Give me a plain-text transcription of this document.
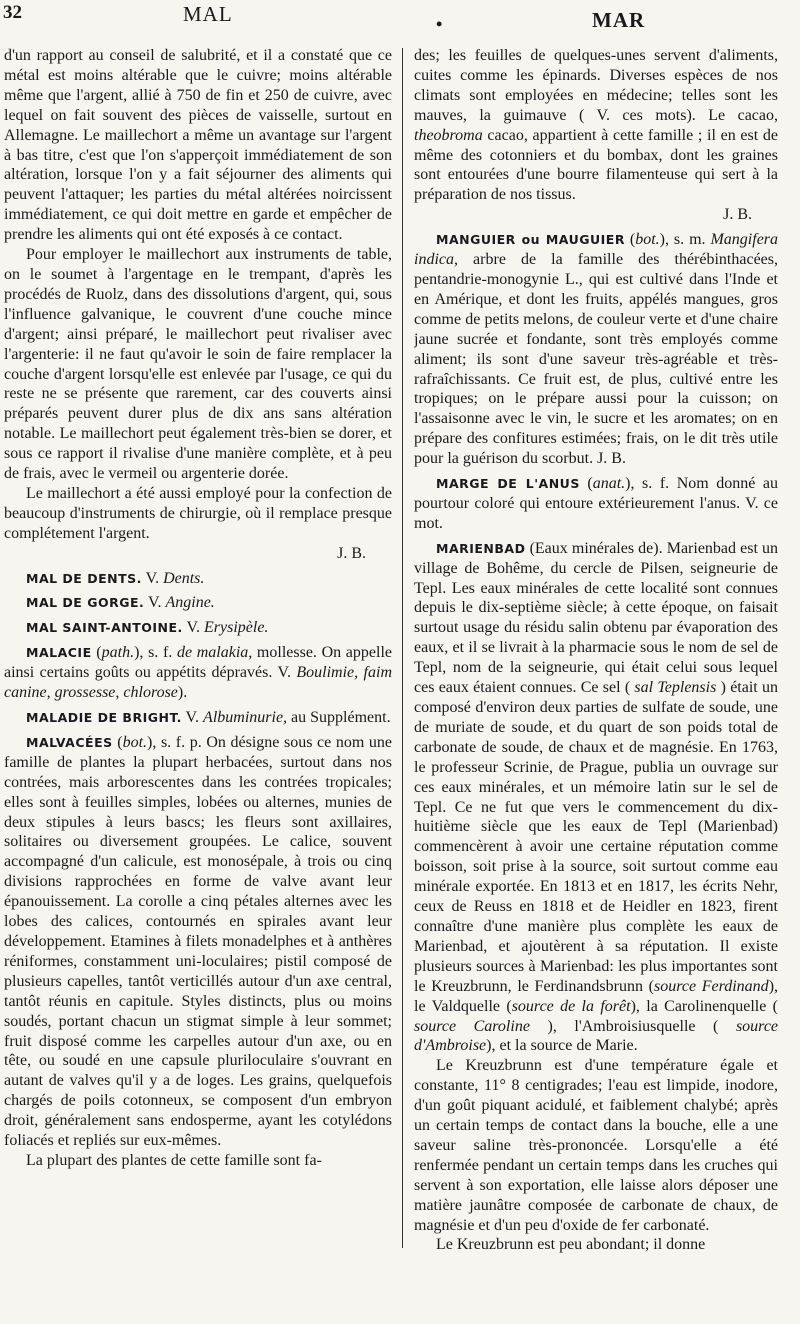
32	MAL	•	MAR

d'un rapport au conseil de salubrité, et il a constaté que ce métal est moins altérable que le cuivre; moins altérable même que l'argent, allié à 750 de fin et 250 de cuivre, avec lequel on fait souvent des pièces de vaisselle, surtout en Allemagne. Le maillechort a même un avantage sur l'argent à bas titre, c'est que l'on s'apperçoit immédiatement de son altération, lorsque l'on y a fait séjourner des aliments qui peuvent l'attaquer; les parties du métal altérées noircissent immédiatement, ce qui doit mettre en garde et empêcher de prendre les aliments qui ont été exposés à ce contact.

Pour employer le maillechort aux instruments de table, on le soumet à l'argentage en le trempant, d'après les procédés de Ruolz, dans des dissolutions d'argent, qui, sous l'influence galvanique, le couvrent d'une couche mince d'argent; ainsi préparé, le maillechort peut rivaliser avec l'argenterie: il ne faut qu'avoir le soin de faire remplacer la couche d'argent lorsqu'elle est enlevée par l'usage, ce qui du reste ne se présente que rarement, car des couverts ainsi préparés peuvent durer plus de dix ans sans altération notable. Le maillechort peut également très-bien se dorer, et sous ce rapport il rivalise d'une manière complète, et à peu de frais, avec le vermeil ou argenterie dorée.

Le maillechort a été aussi employé pour la confection de beaucoup d'instruments de chirurgie, où il remplace presque complétement l'argent.

J. B.

MAL DE DENTS. V. Dents.

MAL DE GORGE. V. Angine.

MAL SAINT-ANTOINE. V. Erysipèle.

MALACIE (path.), s. f. de malakia, mollesse. On appelle ainsi certains goûts ou appétits dépravés. V. Boulimie, faim canine, grossesse, chlorose).

MALADIE DE BRIGHT. V. Albuminurie, au Supplément.

MALVACÉES (bot.), s. f. p. On désigne sous ce nom une famille de plantes la plupart herbacées, surtout dans nos contrées, mais arborescentes dans les contrées tropicales; elles sont à feuilles simples, lobées ou alternes, munies de deux stipules à leurs bascs; les fleurs sont axillaires, solitaires ou diversement groupées. Le calice, souvent accompagné d'un calicule, est monosépale, à trois ou cinq divisions rapprochées en forme de valve avant leur épanouissement. La corolle a cinq pétales alternes avec les lobes des calices, contournés en spirales avant leur développement. Etamines à filets monadelphes et à anthères réniformes, constamment uni-loculaires; pistil composé de plusieurs capelles, tantôt verticillés autour d'un axe central, tantôt réunis en capitule. Styles distincts, plus ou moins soudés, portant chacun un stigmat simple à leur sommet; fruit disposé comme les carpelles autour d'un axe, ou en tête, ou soudé en une capsule pluriloculaire s'ouvrant en autant de valves qu'il y a de loges. Les grains, quelquefois chargés de poils cotonneux, se composent d'un embryon droit, généralement sans endosperme, ayant les cotylédons foliacés et repliés sur eux-mêmes.

La plupart des plantes de cette famille sont fa-

des; les feuilles de quelques-unes servent d'aliments, cuites comme les épinards. Diverses espèces de nos climats sont employées en médecine; telles sont les mauves, la guimauve ( V. ces mots). Le cacao, theobroma cacao, appartient à cette famille ; il en est de même des cotonniers et du bombax, dont les graines sont entourées d'une bourre filamenteuse qui sert à la préparation de nos tissus.

J. B.

MANGUIER ou MAUGUIER (bot.), s. m. Mangifera indica, arbre de la famille des thérébinthacées, pentandrie-monogynie L., qui est cultivé dans l'Inde et en Amérique, et dont les fruits, appélés mangues, gros comme de petits melons, de couleur verte et d'une chaire jaune sucrée et fondante, sont très employés comme aliment; ils sont d'une saveur très-agréable et très-rafraîchissants. Ce fruit est, de plus, cultivé entre les tropiques; on le prépare aussi pour la cuisson; on l'assaisonne avec le vin, le sucre et les aromates; on en prépare des confitures estimées; frais, on le dit très utile pour la guérison du scorbut. J. B.

MARGE DE L'ANUS (anat.), s. f. Nom donné au pourtour coloré qui entoure extérieurement l'anus. V. ce mot.

MARIENBAD (Eaux minérales de). Marienbad est un village de Bohême, du cercle de Pilsen, seigneurie de Tepl. Les eaux minérales de cette localité sont connues depuis le dix-septième siècle; à cette époque, on faisait surtout usage du résidu salin obtenu par évaporation des eaux, et il se livrait à la pharmacie sous le nom de sel de Tepl, nom de la seigneurie, qui était celui sous lequel ces eaux étaient connues. Ce sel ( sal Teplensis ) était un composé d'environ deux parties de sulfate de soude, une de muriate de soude, et du quart de son poids total de carbonate de soude, de chaux et de magnésie. En 1763, le professeur Scrinie, de Prague, publia un ouvrage sur ces eaux minérales, et un mémoire latin sur le sel de Tepl. Ce ne fut que vers le commencement du dix-huitième siècle que les eaux de Tepl (Marienbad) commencèrent à avoir une certaine réputation comme boisson, soit prise à la source, soit surtout comme eau minérale exportée. En 1813 et en 1817, les écrits Nehr, ceux de Reuss en 1818 et de Heidler en 1823, firent connaître d'une manière plus complète les eaux de Marienbad, et ajoutèrent à sa réputation. Il existe plusieurs sources à Marienbad: les plus importantes sont le Kreuzbrunn, le Ferdinandsbrunn (source Ferdinand), le Valdquelle (source de la forêt), la Carolinenquelle ( source Caroline ), l'Ambroisiusquelle ( source d'Ambroise), et la source de Marie.

Le Kreuzbrunn est d'une température égale et constante, 11° 8 centigrades; l'eau est limpide, inodore, d'un goût piquant acidulé, et faiblement chalybé; après un certain temps de contact dans la bouche, elle a une saveur saline très-prononcée. Lorsqu'elle a été renfermée pendant un certain temps dans les cruches qui servent à son exportation, elle laisse alors déposer une matière jaunâtre composée de carbonate de chaux, de magnésie et d'un peu d'oxide de fer carbonaté.

Le Kreuzbrunn est peu abondant; il donne
